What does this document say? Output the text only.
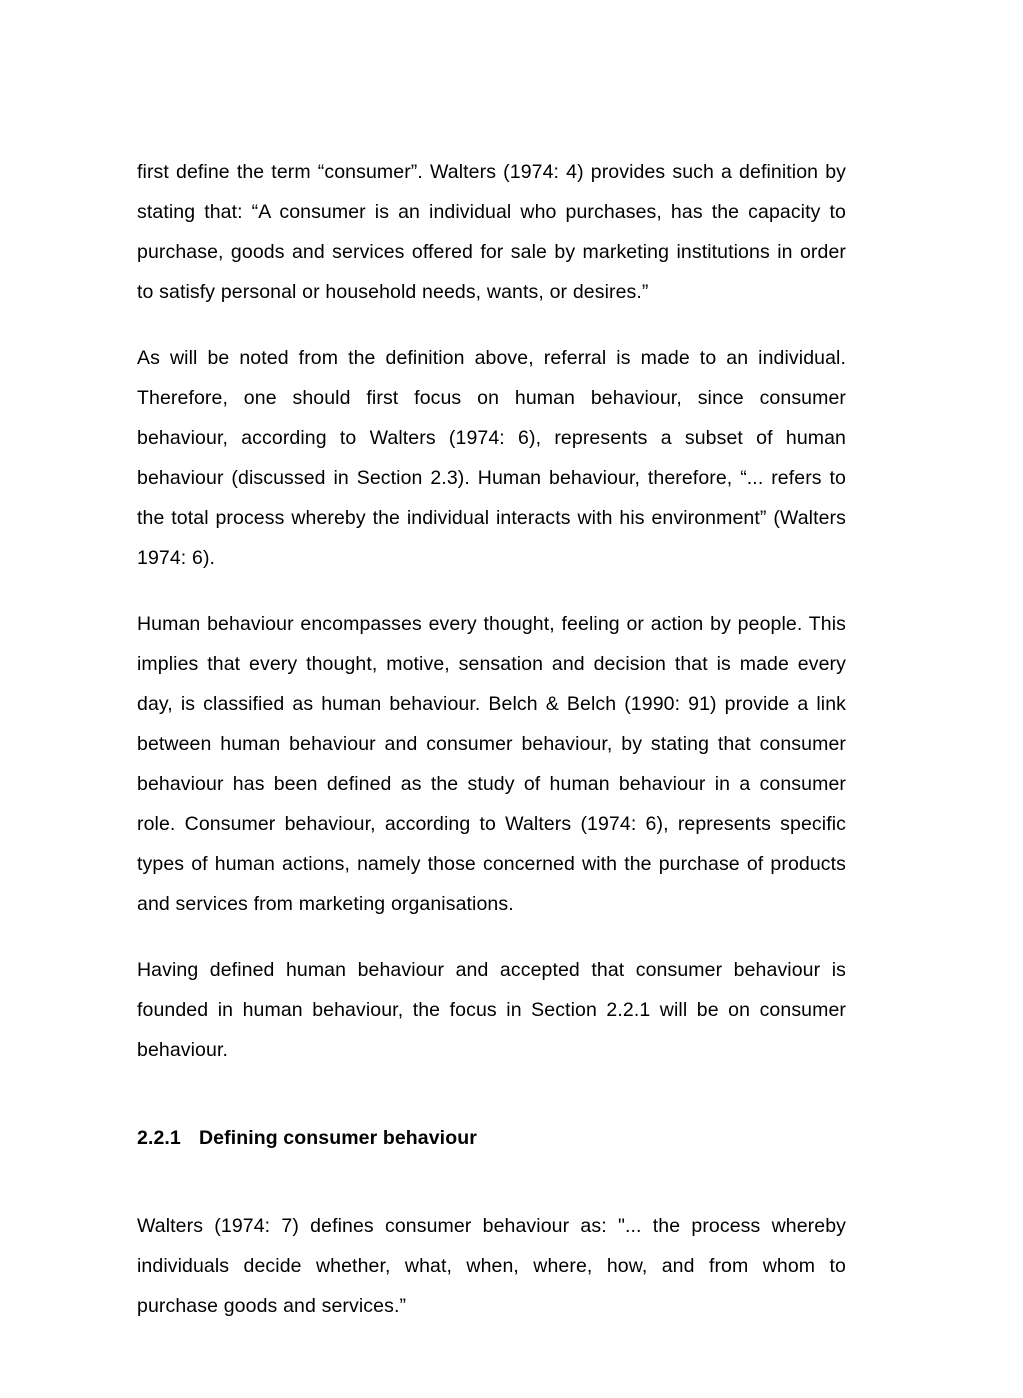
first define the term “consumer”. Walters (1974: 4) provides such a definition by stating that: “A consumer is an individual who purchases, has the capacity to purchase, goods and services offered for sale by marketing institutions in order to satisfy personal or household needs, wants, or desires.”

As will be noted from the definition above, referral is made to an individual. Therefore, one should first focus on human behaviour, since consumer behaviour, according to Walters (1974: 6), represents a subset of human behaviour (discussed in Section 2.3). Human behaviour, therefore, “... refers to the total process whereby the individual interacts with his environment” (Walters 1974: 6).

Human behaviour encompasses every thought, feeling or action by people. This implies that every thought, motive, sensation and decision that is made every day, is classified as human behaviour. Belch & Belch (1990: 91) provide a link between human behaviour and consumer behaviour, by stating that consumer behaviour has been defined as the study of human behaviour in a consumer role. Consumer behaviour, according to Walters (1974: 6), represents specific types of human actions, namely those concerned with the purchase of products and services from marketing organisations.

Having defined human behaviour and accepted that consumer behaviour is founded in human behaviour, the focus in Section 2.2.1 will be on consumer behaviour.

2.2.1 Defining consumer behaviour

Walters (1974: 7) defines consumer behaviour as: "... the process whereby individuals decide whether, what, when, where, how, and from whom to purchase goods and services.”
